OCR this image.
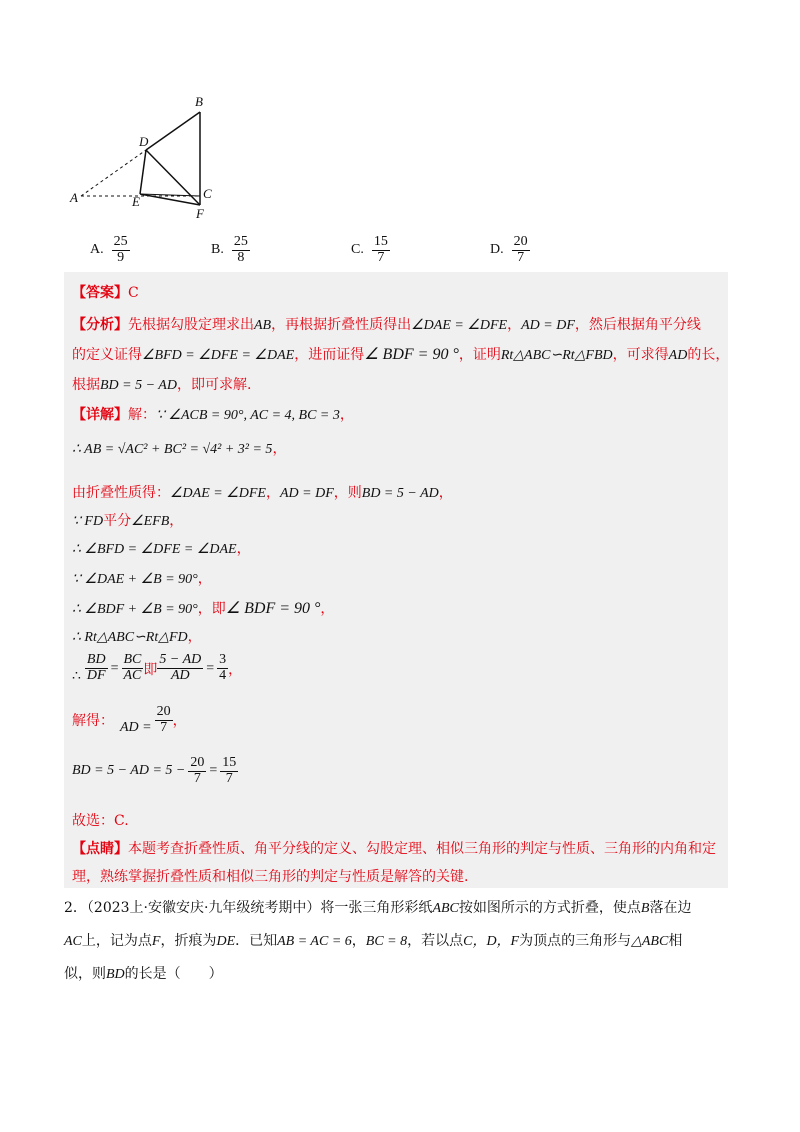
A
B
C
D
E
F
A. $\frac{25}{9}$	B. $\frac{25}{8}$	C. $\frac{15}{7}$	D. $\frac{20}{7}$
【答案】C
【分析】先根据勾股定理求出AB，再根据折叠性质得出∠DAE = ∠DFE，AD = DF，然后根据角平分线
的定义证得∠BFD = ∠DFE = ∠DAE，进而证得∠ BDF = 90 °，证明Rt△ABC∽Rt△FBD，可求得AD的长，
根据BD = 5 − AD，即可求解.
【详解】解：∵ ∠ACB = 90°, AC = 4, BC = 3，
∴ AB = √AC² + BC² = √4² + 3² = 5，
由折叠性质得：∠DAE = ∠DFE，AD = DF，则BD = 5 − AD，
∵ FD平分∠EFB，
∴ ∠BFD = ∠DFE = ∠DAE，
∵ ∠DAE + ∠B = 90°，
∴ ∠BDF + ∠B = 90°，即∠ BDF = 90 °，
∴ Rt△ABC∽Rt△FD，
∴ $\frac{BD}{DF} = \frac{BC}{AC}$ 即 $\frac{5 - AD}{AD} = \frac{3}{4}$ ，
解得： AD = $\frac{20}{7}$ ，
BD = 5 − AD = $5 - \frac{20}{7} = \frac{15}{7}$
故选：C.
【点睛】本题考查折叠性质、角平分线的定义、勾股定理、相似三角形的判定与性质、三角形的内角和定
理，熟练掌握折叠性质和相似三角形的判定与性质是解答的关键.

2．（2023上·安徽安庆·九年级统考期中）将一张三角形彩纸ABC按如图所示的方式折叠，使点B落在边

AC上，记为点F，折痕为DE．已知AB = AC = 6，BC = 8，若以点C，D，F为顶点的三角形与△ABC相

似，则BD的长是（　　）
